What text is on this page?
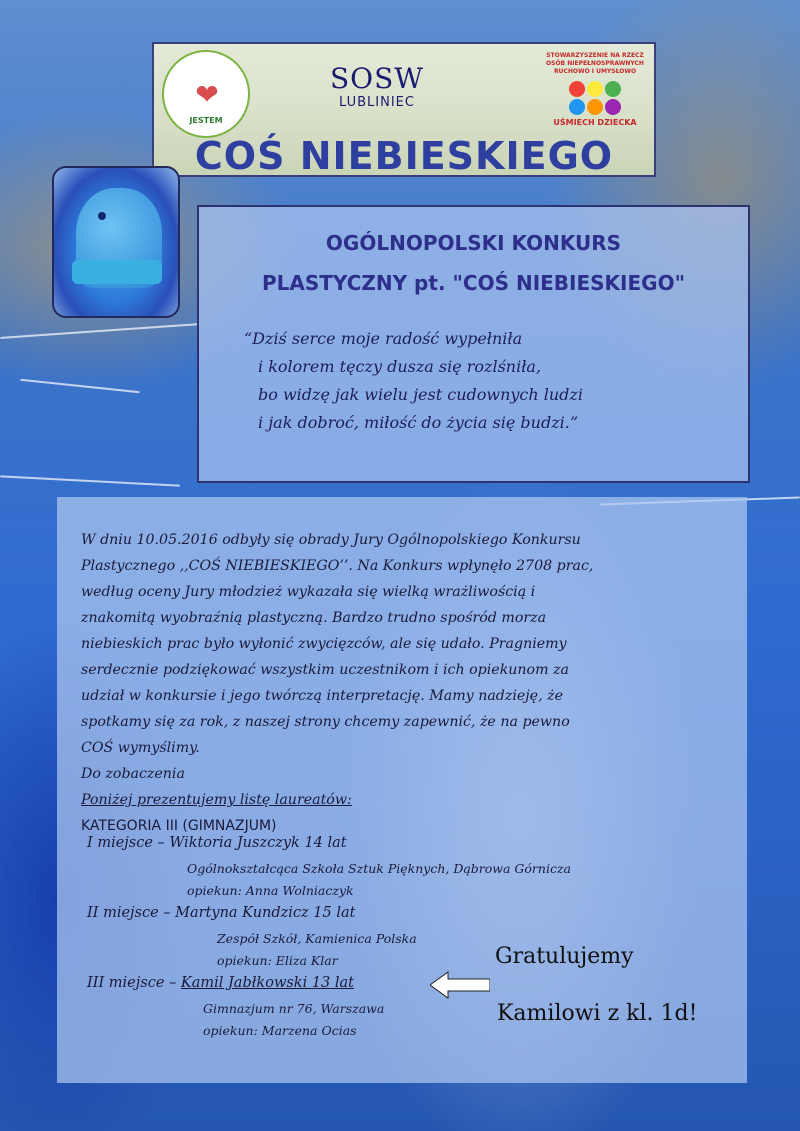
❤
JESTEM
SOSW
LUBLINIEC
STOWARZYSZENIE NA RZECZ OSÓB NIEPEŁNOSPRAWNYCH RUCHOWO I UMYSŁOWO
UŚMIECH DZIECKA
COŚ NIEBIESKIEGO
OGÓLNOPOLSKI KONKURS
PLASTYCZNY pt. "COŚ NIEBIESKIEGO"
“Dziś serce moje radość wypełniła
i kolorem tęczy dusza się rozlśniła,
bo widzę jak wielu jest cudownych ludzi
i jak dobroć, miłość do życia się budzi.”
W dniu 10.05.2016 odbyły się obrady Jury Ogólnopolskiego Konkursu
Plastycznego ,,COŚ NIEBIESKIEGO’’. Na Konkurs wpłynęło 2708 prac,
według oceny Jury młodzież wykazała się wielką wrażliwością i
znakomitą wyobraźnią plastyczną. Bardzo trudno spośród morza
niebieskich prac było wyłonić zwycięzców, ale się udało. Pragniemy
serdecznie podziękować wszystkim uczestnikom i ich opiekunom za
udział w konkursie i jego twórczą interpretację. Mamy nadzieję, że
spotkamy się za rok, z naszej strony chcemy zapewnić, że na pewno
COŚ wymyślimy.
Do zobaczenia
Poniżej prezentujemy listę laureatów:
KATEGORIA III (GIMNAZJUM)
I miejsce – Wiktoria Juszczyk 14 lat
Ogólnokształcąca Szkoła Sztuk Pięknych, Dąbrowa Górnicza
opiekun: Anna Wolniaczyk
II miejsce – Martyna Kundzicz 15 lat
Zespół Szkół, Kamienica Polska
opiekun: Eliza Klar
III miejsce – Kamil Jabłkowski 13 lat
Gimnazjum nr 76, Warszawa
opiekun: Marzena Ocias
Gratulujemy
Kamilowi z kl. 1d!
